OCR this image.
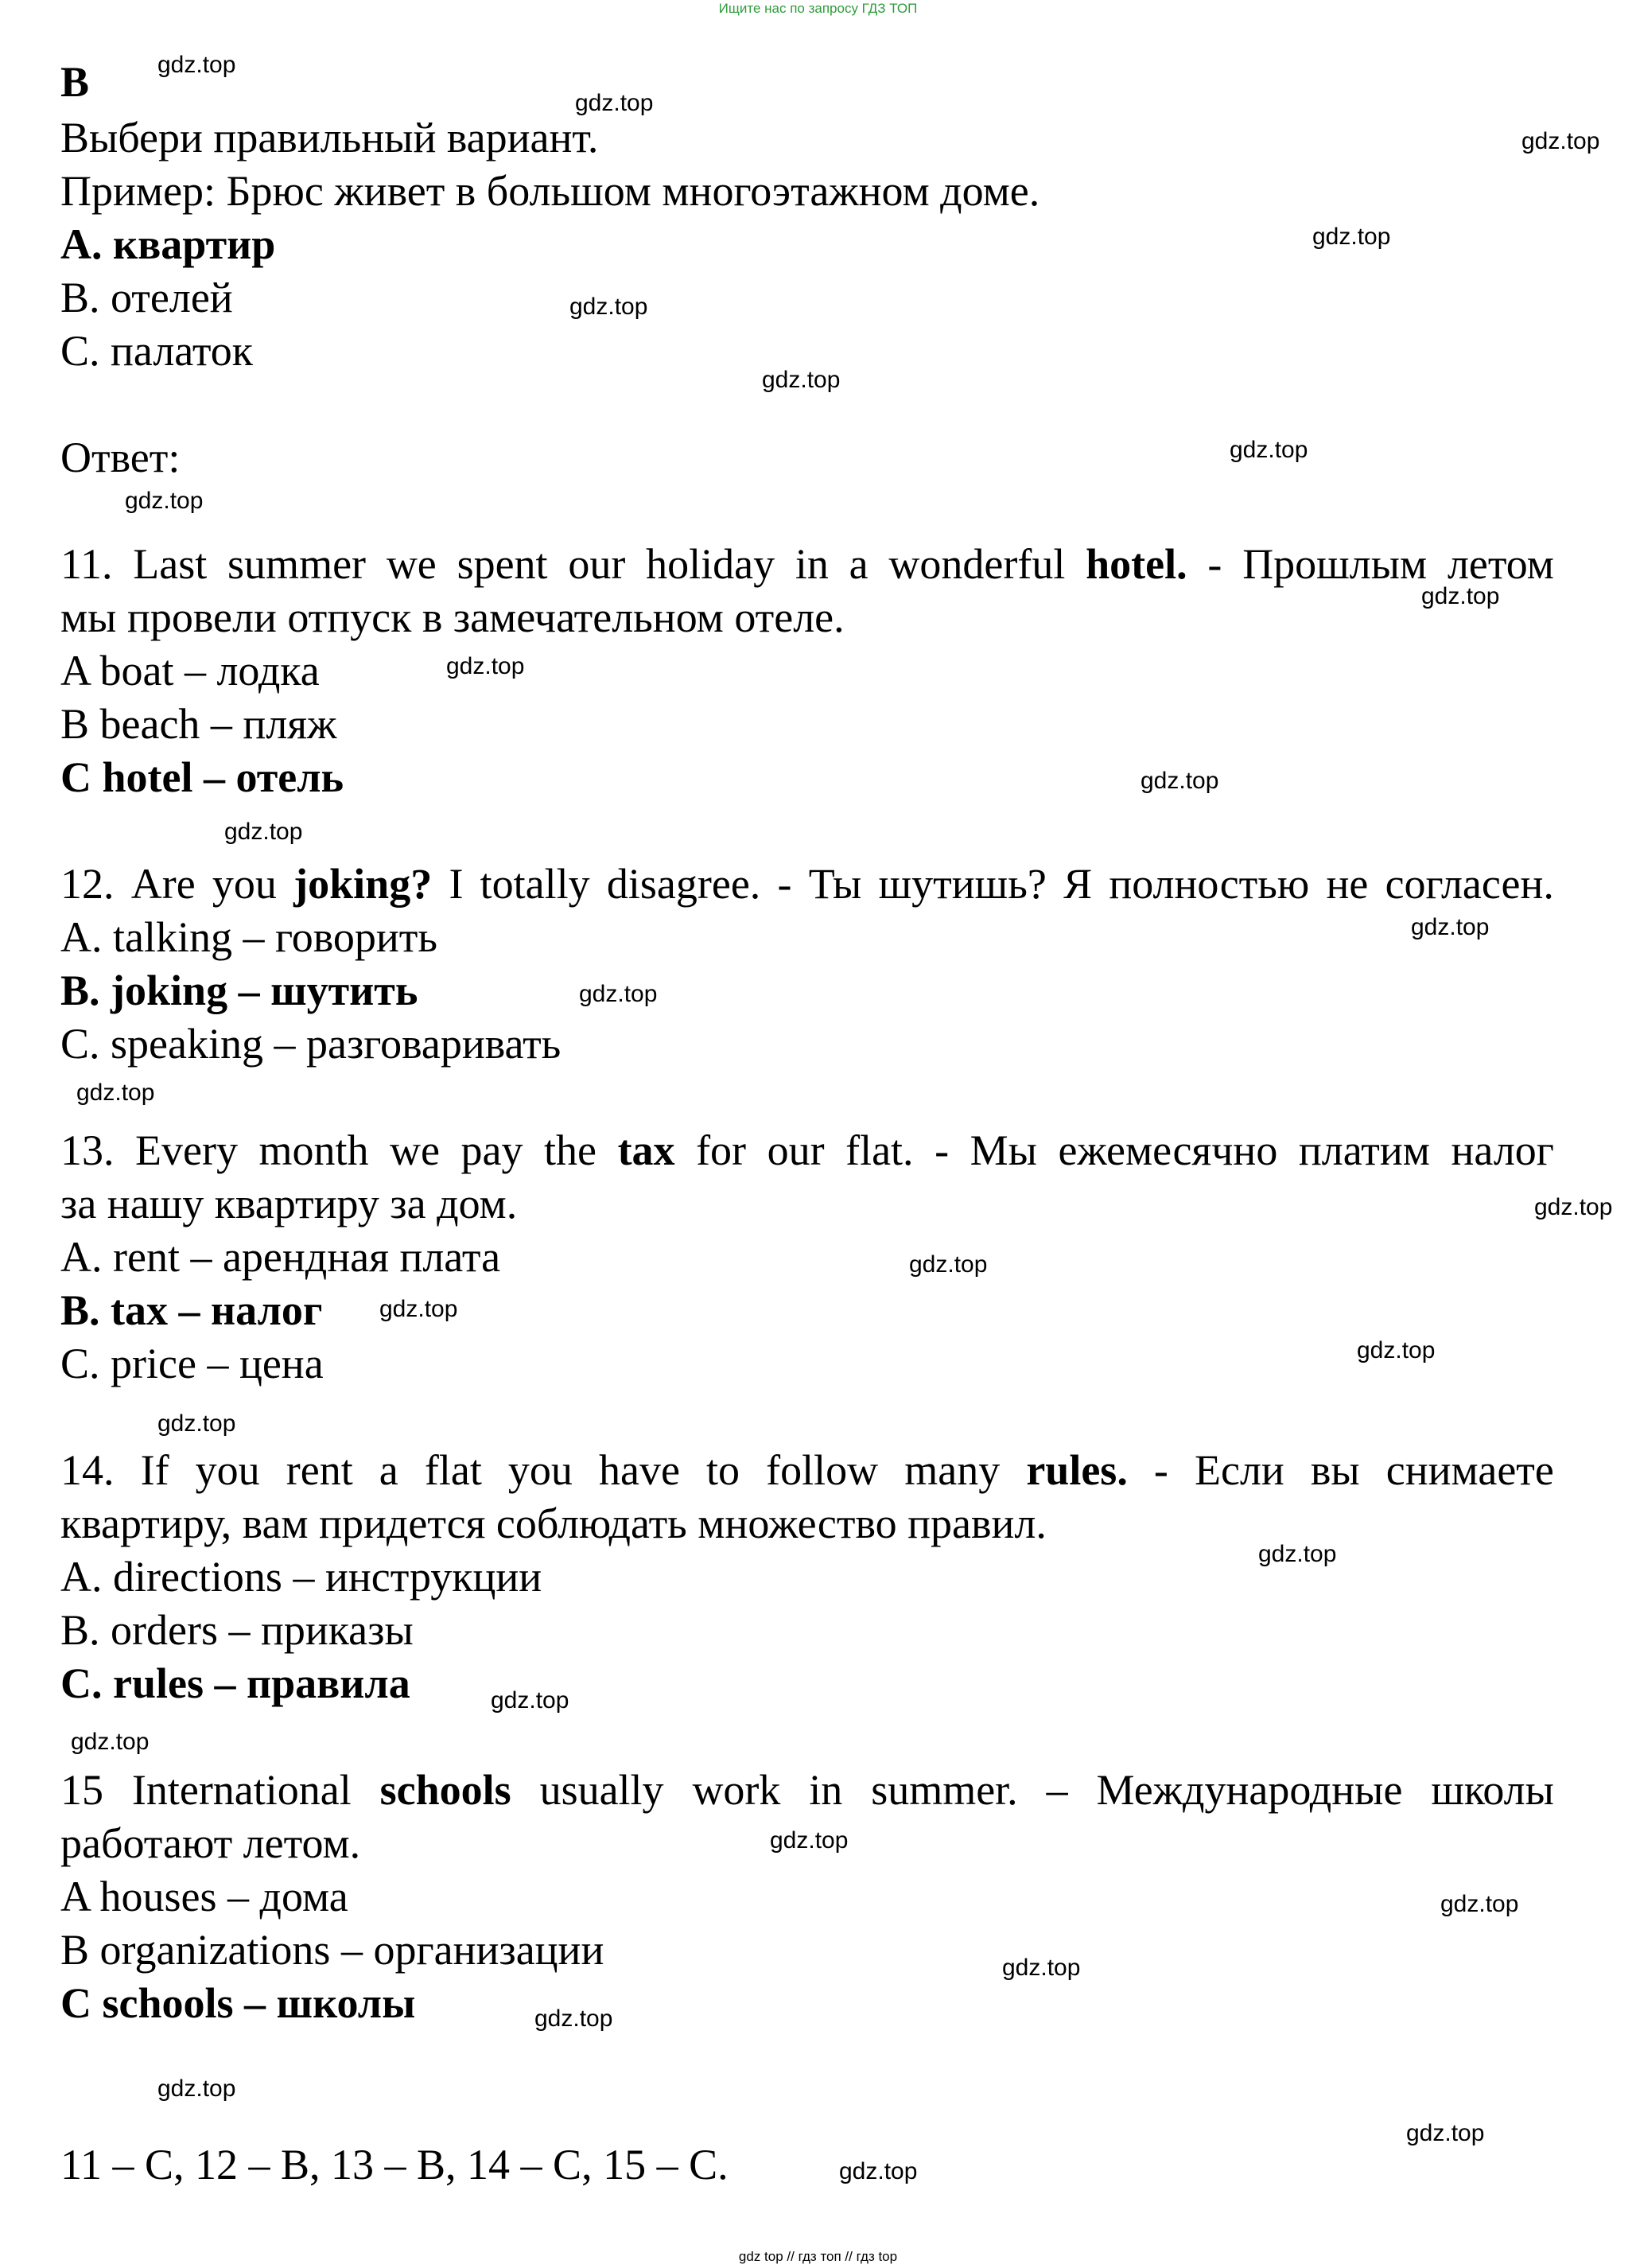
Ищите нас по запросу ГДЗ ТОП
B
Выбери правильный вариант.
Пример: Брюс живет в большом многоэтажном доме.
A. квартир
B. отелей
C. палаток
Ответ:
11. Last summer we spent our holiday in a wonderful hotel. - Прошлым летом
мы провели отпуск в замечательном отеле.
A boat – лодка
B beach – пляж
C hotel – отель
12. Are you joking? I totally disagree. - Ты шутишь? Я полностью не согласен.
A. talking – говорить
B. joking – шутить
C. speaking – разговаривать
13. Every month we pay the tax for our flat. - Мы ежемесячно платим налог
за нашу квартиру за дом.
A. rent – арендная плата
B. tax – налог
C. price – цена
14. If you rent a flat you have to follow many rules. - Если вы снимаете
квартиру, вам придется соблюдать множество правил.
A. directions – инструкции
B. orders – приказы
C. rules – правила
15 International schools usually work in summer. – Международные школы
работают летом.
A houses – дома
B organizations – организации
C schools – школы
11 – C, 12 – B, 13 – B, 14 – C, 15 – C.
gdz.top
gdz.top
gdz.top
gdz.top
gdz.top
gdz.top
gdz.top
gdz.top
gdz.top
gdz.top
gdz.top
gdz.top
gdz.top
gdz.top
gdz.top
gdz.top
gdz.top
gdz.top
gdz.top
gdz.top
gdz.top
gdz.top
gdz.top
gdz.top
gdz.top
gdz.top
gdz.top
gdz.top
gdz.top
gdz.top
gdz top // гдз топ // гдз top
